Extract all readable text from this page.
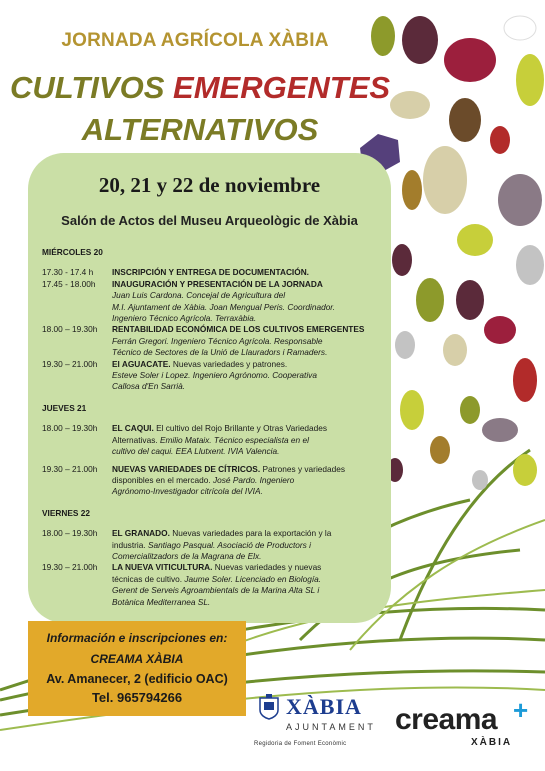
JORNADA AGRÍCOLA XÀBIA
CULTIVOS EMERGENTES
ALTERNATIVOS
20, 21 y 22 de noviembre
Salón de Actos del Museu Arqueològic de Xàbia
MIÉRCOLES 20
17.30 - 17.4 h	INSCRIPCIÓN Y ENTREGA DE DOCUMENTACIÓN.
17.45 - 18.00h	INAUGURACIÓN Y PRESENTACIÓN DE LA JORNADA
Juan Luis Cardona. Concejal de Agricultura del
M.I. Ajuntament de Xàbia. Joan Mengual Peris. Coordinador.
Ingeniero Técnico Agrícola. Terraxàbia.
18.00 – 19.30h	RENTABILIDAD ECONÓMICA DE LOS CULTIVOS EMERGENTES
Ferrán Gregori. Ingeniero Técnico Agrícola. Responsable
Técnico de Sectores de la Unió de Llauradors i Ramaders.
19.30 – 21.00h	El AGUACATE. Nuevas variedades y patrones.
Esteve Soler i Lopez. Ingeniero Agrónomo. Cooperativa
Callosa d'En Sarrià.
JUEVES 21
18.00 – 19.30h	EL CAQUI. El cultivo del Rojo Brillante y Otras Variedades
Alternativas. Emilio Mataix. Técnico especialista en el
cultivo del caqui. EEA Llutxent. IVIA Valencia.
19.30 – 21.00h	NUEVAS VARIEDADES DE CÍTRICOS. Patrones y variedades
disponibles en el mercado. José Pardo. Ingeniero
Agrónomo-Investigador citrícola del IVIA.
VIERNES 22
18.00 – 19.30h	EL GRANADO. Nuevas variedades para la exportación y la
industria. Santiago Pasqual. Asociació de Productors i
Comercialitzadors de la Magrana de Elx.
19.30 – 21.00h	LA NUEVA VITICULTURA. Nuevas variedades y nuevas
técnicas de cultivo. Jaume Soler. Licenciado en Biología.
Gerent de Serveis Agroambientals de la Marina Alta SL i
Botànica Mediterranea SL.
Información e inscripciones en:
CREAMA XÀBIA
Av. Amanecer, 2 (edificio OAC)
Tel. 965794266	XÀBIA
AJUNTAMENT
Regidoria de Foment Econòmic
creama +
XÀBIA
